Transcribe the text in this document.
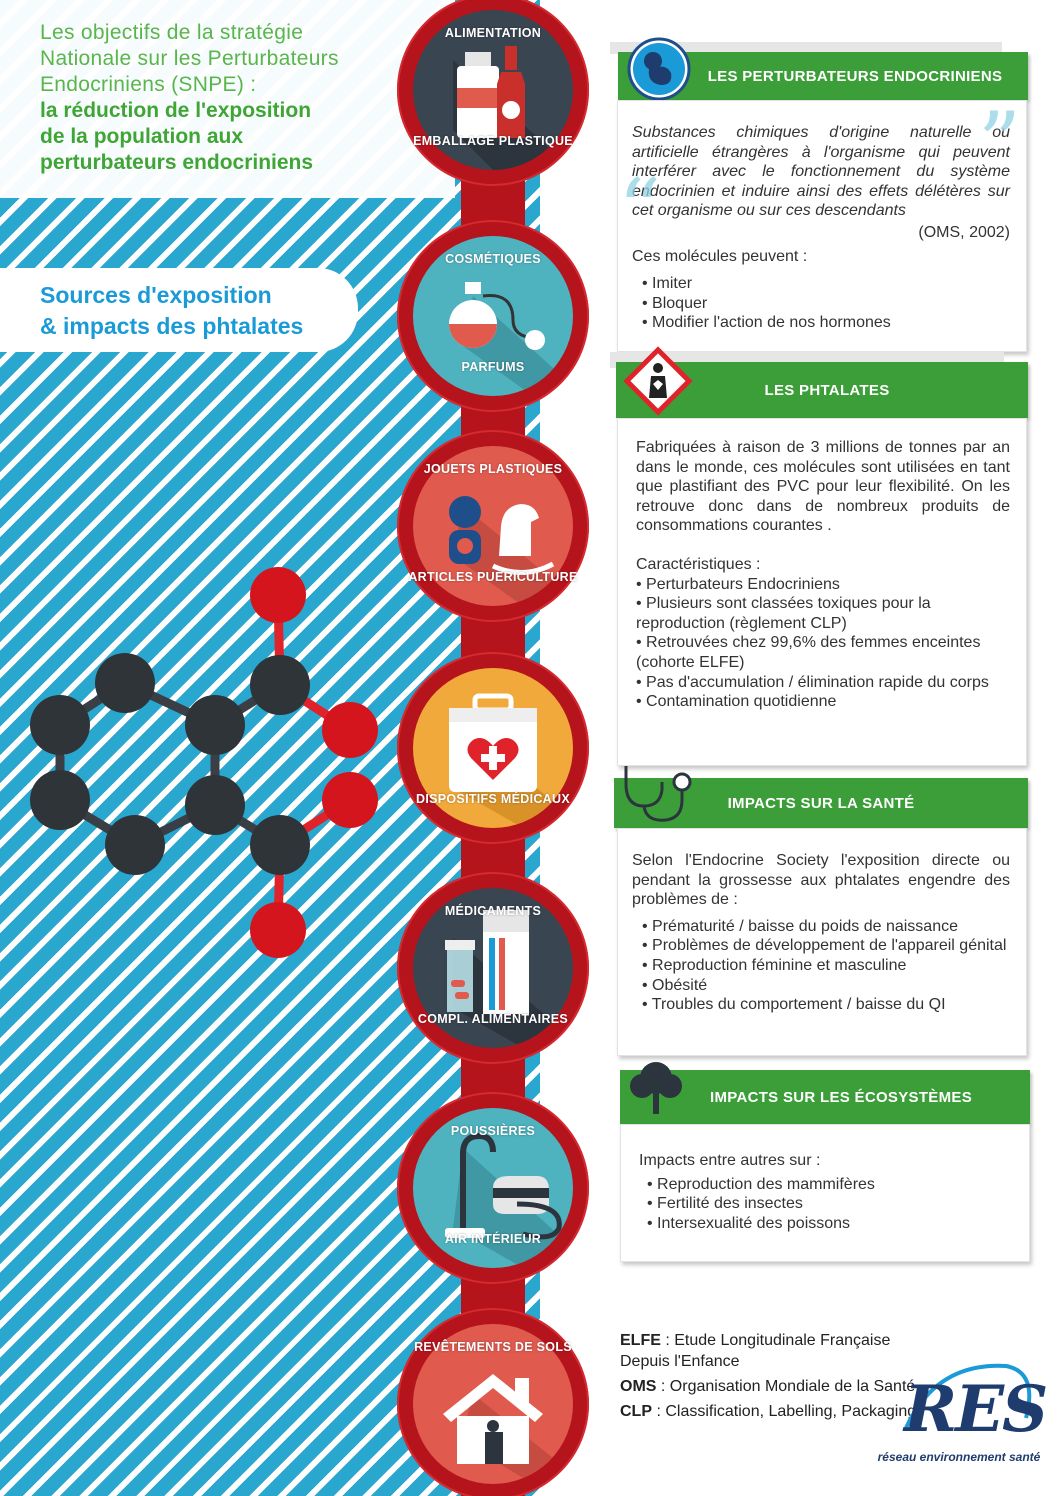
Les objectifs de la stratégie
Nationale sur les Perturbateurs
Endocriniens (SNPE) :
la réduction de l'exposition
de la population aux
perturbateurs endocriniens
Sources d'exposition
& impacts des phtalates
ALIMENTATION
EMBALLAGE PLASTIQUE
COSMÉTIQUES
PARFUMS
JOUETS PLASTIQUES
ARTICLES PUÉRICULTURE
DISPOSITIFS MÉDICAUX
MÉDICAMENTS
COMPL. ALIMENTAIRES
POUSSIÈRES
AIR INTÉRIEUR
REVÊTEMENTS DE SOLS
LES PERTURBATEURS ENDOCRINIENS
Substances chimiques d'origine naturelle ou artificielle étrangères à l'organisme qui peuvent interférer avec le fonctionnement du système endocrinien et induire ainsi des effets délétères sur cet organisme ou sur ces descendants
(OMS, 2002)
Ces molécules peuvent :
• Imiter
• Bloquer
• Modifier l'action de nos hormones
“
”
LES PHTALATES
Fabriquées à raison de 3 millions de tonnes par an dans le monde, ces molécules sont utilisées en tant que plastifiant des PVC pour leur flexibilité. On les retrouve donc dans de nombreux produits de consommations courantes .
Caractéristiques :
• Perturbateurs Endocriniens
• Plusieurs sont classées toxiques pour la reproduction (règlement CLP)
• Retrouvées chez 99,6% des femmes enceintes (cohorte ELFE)
• Pas d'accumulation / élimination rapide du corps
• Contamination quotidienne
IMPACTS SUR LA SANTÉ
Selon l'Endocrine Society l'exposition directe ou pendant la grossesse aux phtalates engendre des problèmes de :
• Prématurité / baisse du poids de naissance
• Problèmes de développement de l'appareil génital
• Reproduction féminine et masculine
• Obésité
• Troubles du comportement / baisse du QI
IMPACTS SUR LES ÉCOSYSTÈMES
Impacts entre autres sur :
• Reproduction des mammifères
• Fertilité des insectes
• Intersexualité des poissons

ELFE : Etude Longitudinale Française Depuis l'Enfance

OMS : Organisation Mondiale de la Santé

CLP : Classification, Labelling, Packaging

RES
réseau environnement santé
